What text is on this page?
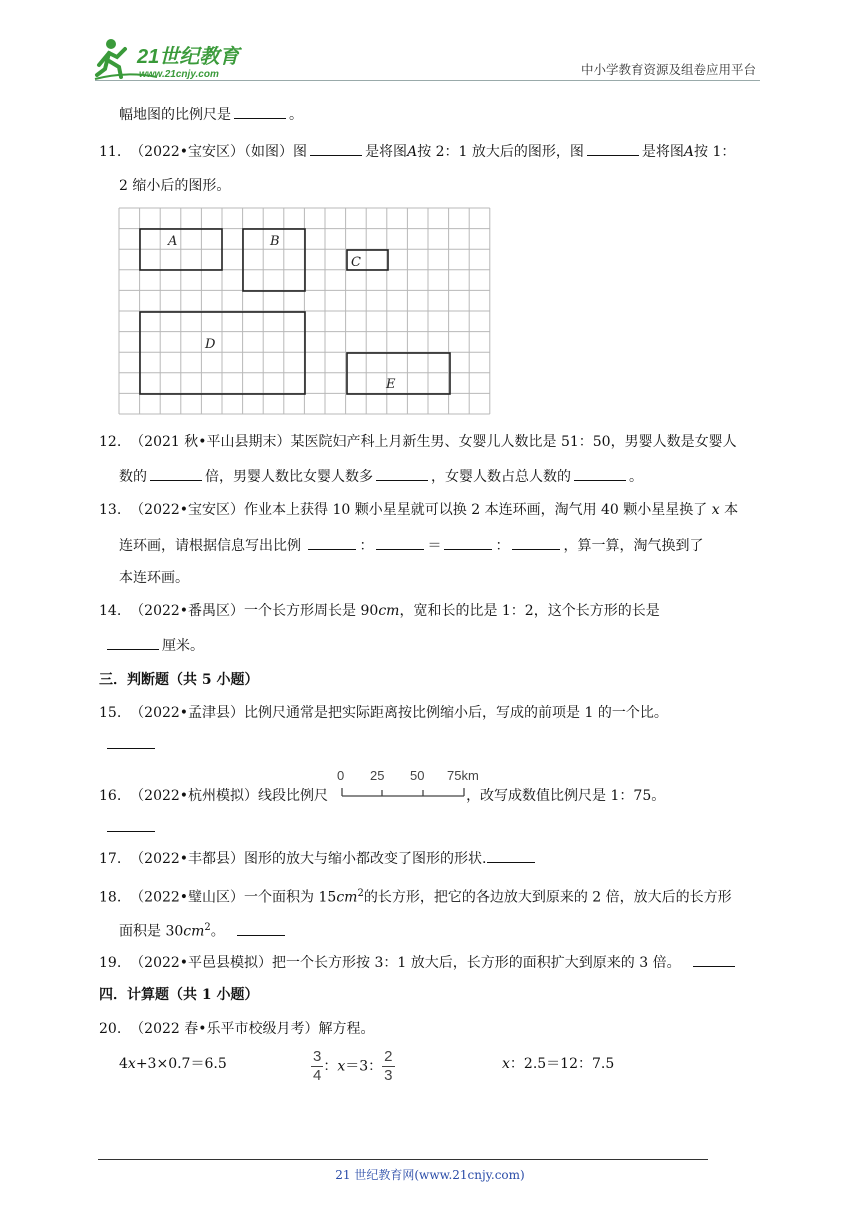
21世纪教育
www.21cnjy.com	中小学教育资源及组卷应用平台
幅地图的比例尺是	。
11. （2022•宝安区）（如图）图	是将图A按 2：1 放大后的图形，图	是将图A按 1：
2 缩小后的图形。
A	B
C
D
E
12. （2021 秋•平山县期末）某医院妇产科上月新生男、女婴儿人数比是 51：50，男婴人数是女婴人
数的	倍，男婴人数比女婴人数多	，女婴人数占总人数的	。
13. （2022•宝安区）作业本上获得 10 颗小星星就可以换 2 本连环画，淘气用 40 颗小星星换了 x 本
连环画，请根据信息写出比例	：	＝	：	，算一算，淘气换到了
本连环画。
14. （2022•番禺区）一个长方形周长是 90cm，宽和长的比是 1：2，这个长方形的长是
厘米。
三．判断题（共 5 小题）
15. （2022•孟津县）比例尺通常是把实际距离按比例缩小后，写成的前项是 1 的一个比。
16. （2022•杭州模拟）线段比例尺	，改写成数值比例尺是 1：75。
0 25 50 75km
17. （2022•丰都县）图形的放大与缩小都改变了图形的形状.
18. （2022•璧山区）一个面积为 $15cm^2$的长方形，把它的各边放大到原来的 2 倍，放大后的长方形
面积是 $30cm^2$。
19. （2022•平邑县模拟）把一个长方形按 3：1 放大后，长方形的面积扩大到原来的 3 倍。
四．计算题（共 1 小题）
20. （2022 春•乐平市校级月考）解方程。
4x+3×0.7＝6.5	$\frac{3}{4}$ ：x＝3： $\frac{2}{3}$	x：2.5＝12：7.5
21 世纪教育网(www.21cnjy.com)
